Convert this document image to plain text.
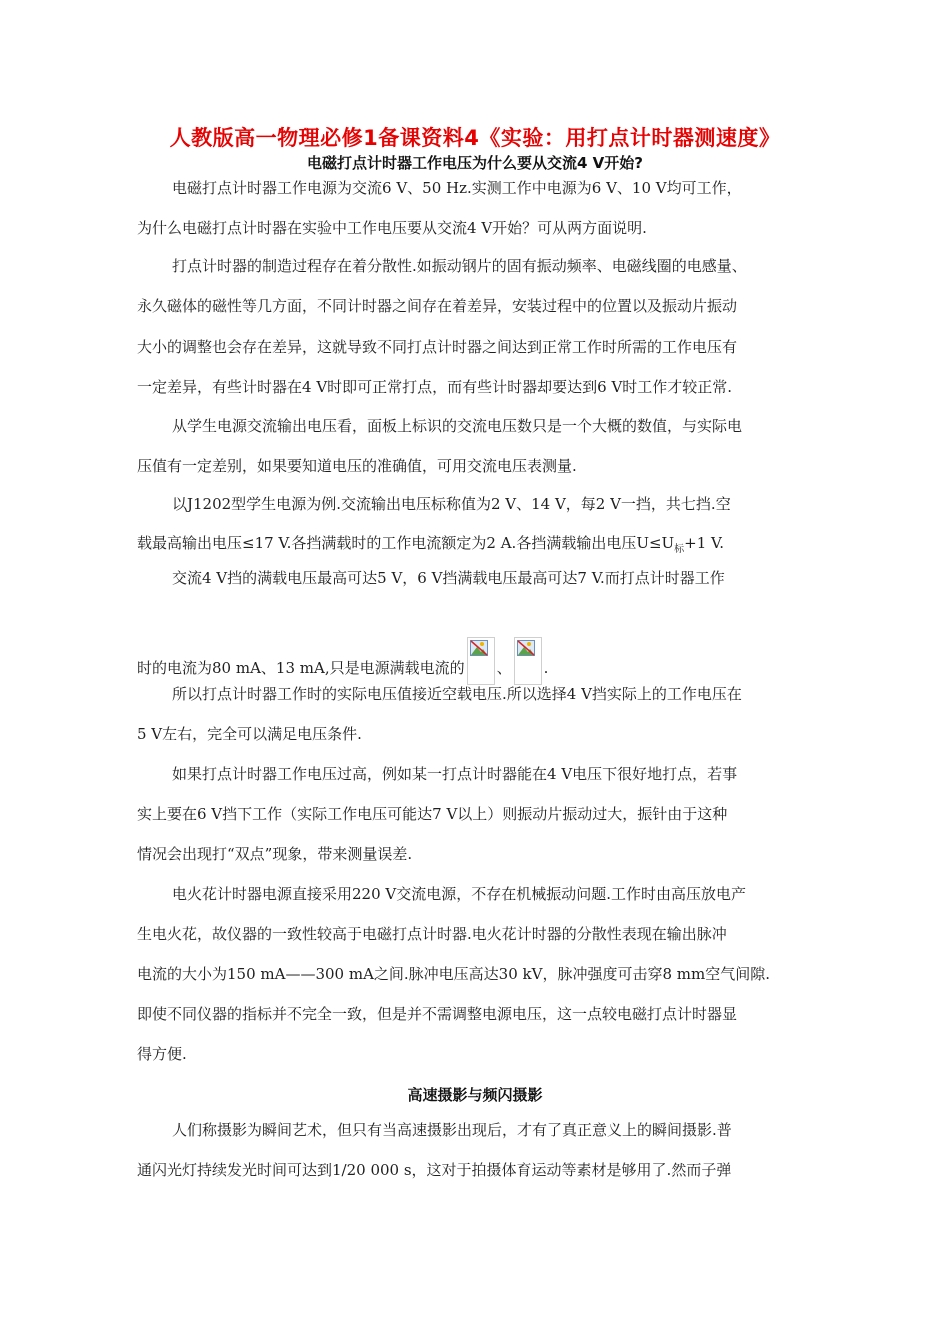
人教版高一物理必修1备课资料4《实验：用打点计时器测速度》
电磁打点计时器工作电压为什么要从交流4 V开始?
电磁打点计时器工作电源为交流6 V、50 Hz.实测工作中电源为6 V、10 V均可工作，
为什么电磁打点计时器在实验中工作电压要从交流4 V开始？可从两方面说明.
打点计时器的制造过程存在着分散性.如振动钢片的固有振动频率、电磁线圈的电感量、
永久磁体的磁性等几方面，不同计时器之间存在着差异，安装过程中的位置以及振动片振动
大小的调整也会存在差异，这就导致不同打点计时器之间达到正常工作时所需的工作电压有
一定差异，有些计时器在4 V时即可正常打点，而有些计时器却要达到6 V时工作才较正常.
从学生电源交流输出电压看，面板上标识的交流电压数只是一个大概的数值，与实际电
压值有一定差别，如果要知道电压的准确值，可用交流电压表测量.
以J1202型学生电源为例.交流输出电压标称值为2 V、14 V，每2 V一挡，共七挡.空
载最高输出电压≤17 V.各挡满载时的工作电流额定为2 A.各挡满载输出电压$U\le U_标+1$ V.
交流4 V挡的满载电压最高可达5 V，6 V挡满载电压最高可达7 V.而打点计时器工作
时的电流为80 mA、13 mA,只是电源满载电流的 、 .
所以打点计时器工作时的实际电压值接近空载电压.所以选择4 V挡实际上的工作电压在
5 V左右，完全可以满足电压条件.
如果打点计时器工作电压过高，例如某一打点计时器能在4 V电压下很好地打点，若事
实上要在6 V挡下工作（实际工作电压可能达7 V以上）则振动片振动过大，振针由于这种
情况会出现打“双点”现象，带来测量误差.
电火花计时器电源直接采用220 V交流电源，不存在机械振动问题.工作时由高压放电产
生电火花，故仪器的一致性较高于电磁打点计时器.电火花计时器的分散性表现在输出脉冲
电流的大小为150 mA——300 mA之间.脉冲电压高达30 kV，脉冲强度可击穿8 mm空气间隙.
即使不同仪器的指标并不完全一致，但是并不需调整电源电压，这一点较电磁打点计时器显
得方便.
高速摄影与频闪摄影
人们称摄影为瞬间艺术，但只有当高速摄影出现后，才有了真正意义上的瞬间摄影.普
通闪光灯持续发光时间可达到1/20 000 s，这对于拍摄体育运动等素材是够用了.然而子弹
